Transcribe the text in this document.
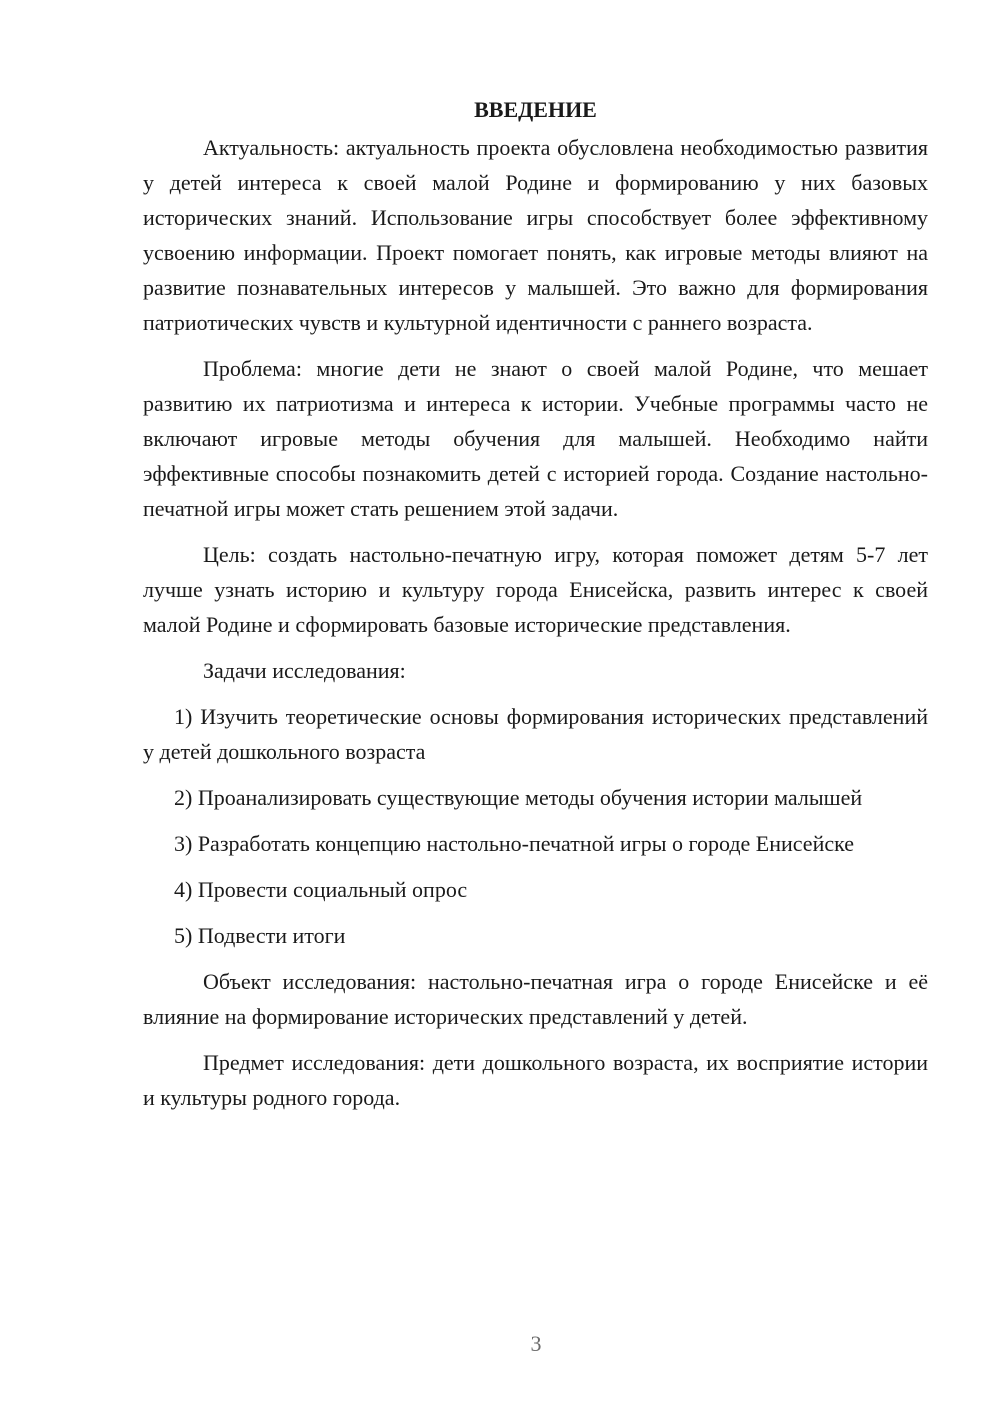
ВВЕДЕНИЕ

Актуальность: актуальность проекта обусловлена необходимостью развития у детей интереса к своей малой Родине и формированию у них базовых исторических знаний. Использование игры способствует более эффективному усвоению информации. Проект помогает понять, как игровые методы влияют на развитие познавательных интересов у малышей. Это важно для формирования патриотических чувств и культурной идентичности с раннего возраста.

Проблема: многие дети не знают о своей малой Родине, что мешает развитию их патриотизма и интереса к истории. Учебные программы часто не включают игровые методы обучения для малышей. Необходимо найти эффективные способы познакомить детей с историей города. Создание настольно-печатной игры может стать решением этой задачи.

Цель: создать настольно-печатную игру, которая поможет детям 5-7 лет лучше узнать историю и культуру города Енисейска, развить интерес к своей малой Родине и сформировать базовые исторические представления.

Задачи исследования:

1) Изучить теоретические основы формирования исторических представлений у детей дошкольного возраста

2) Проанализировать существующие методы обучения истории малышей

3) Разработать концепцию настольно-печатной игры о городе Енисейске

4) Провести социальный опрос

5) Подвести итоги

Объект исследования: настольно-печатная игра о городе Енисейске и её влияние на формирование исторических представлений у детей.

Предмет исследования: дети дошкольного возраста, их восприятие истории и культуры родного города.

3
